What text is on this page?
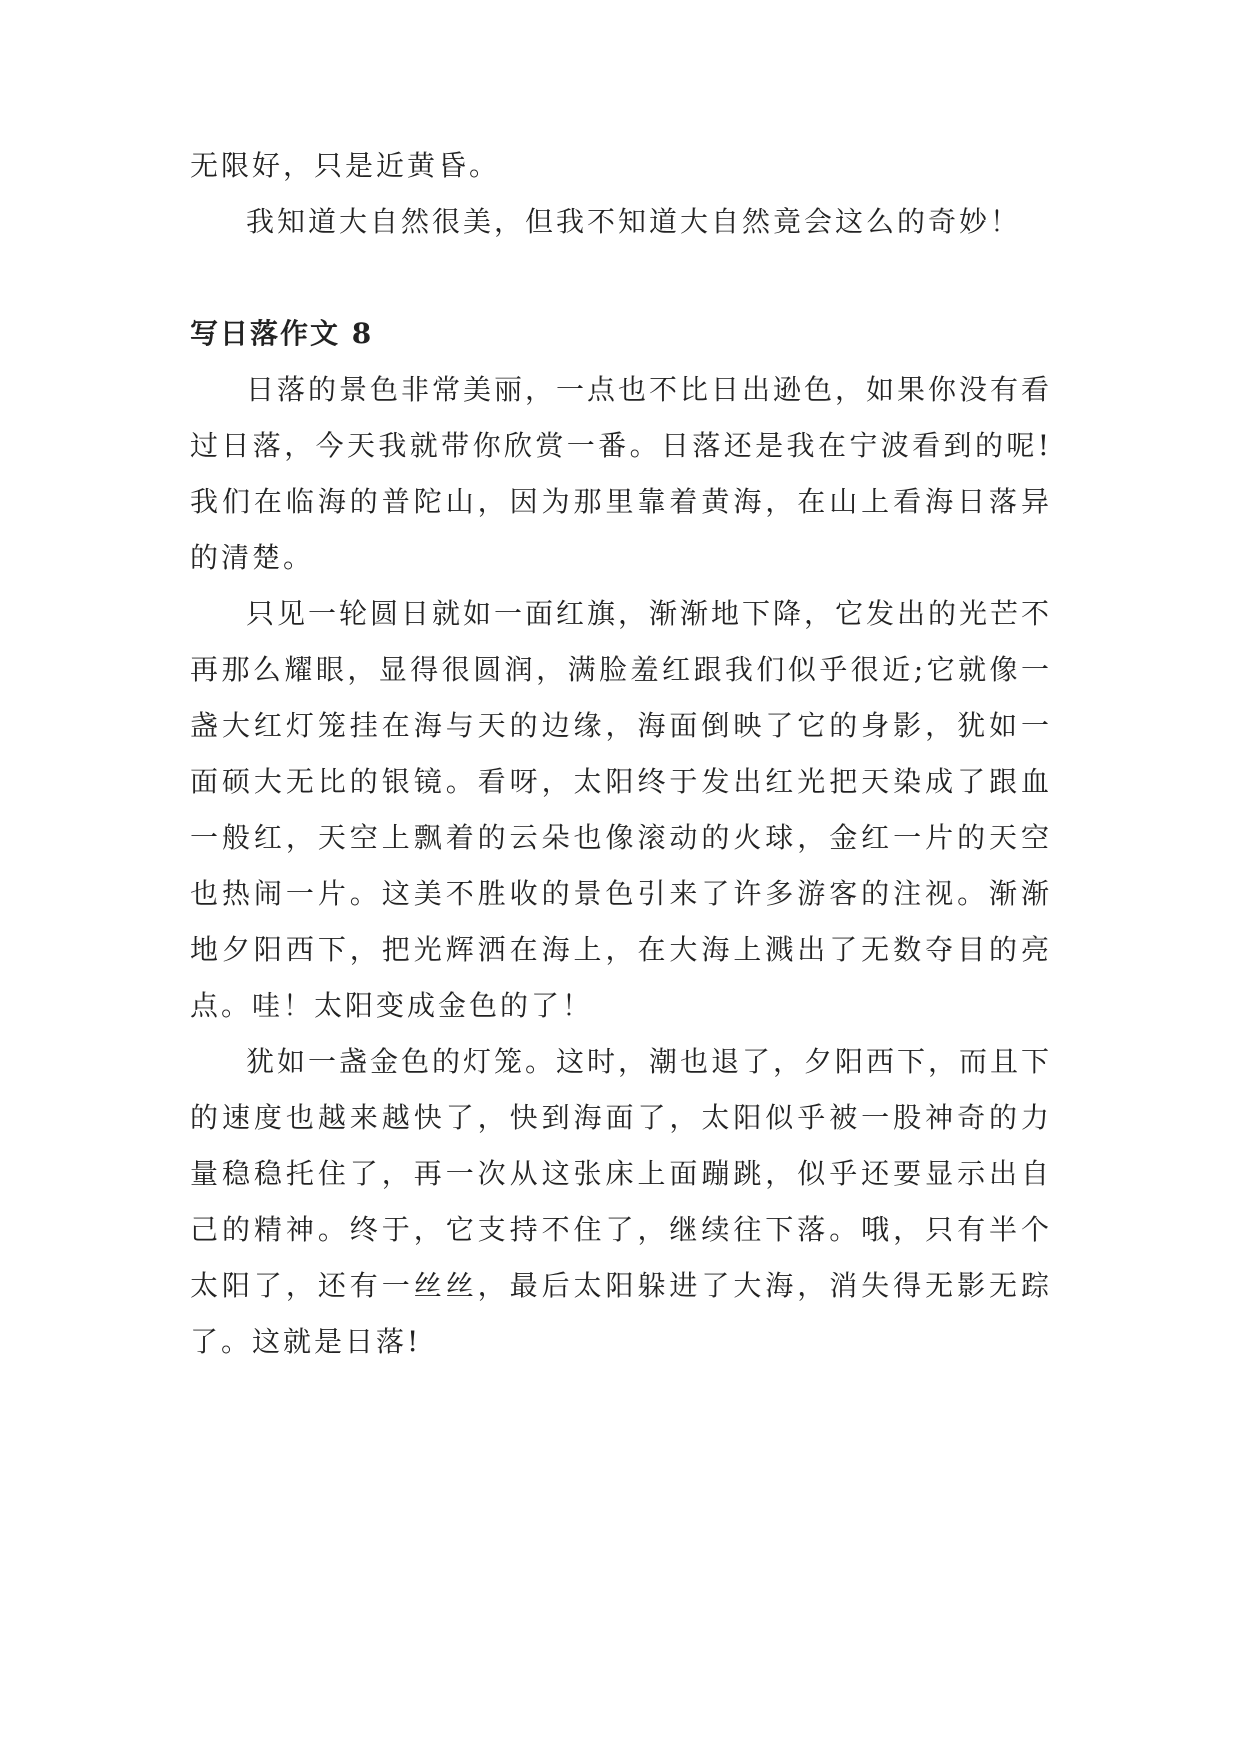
无限好，只是近黄昏。

我知道大自然很美，但我不知道大自然竟会这么的奇妙！

写日落作文 8

日落的景色非常美丽，一点也不比日出逊色，如果你没有看过日落，今天我就带你欣赏一番。日落还是我在宁波看到的呢!我们在临海的普陀山，因为那里靠着黄海，在山上看海日落异的清楚。

只见一轮圆日就如一面红旗，渐渐地下降，它发出的光芒不再那么耀眼，显得很圆润，满脸羞红跟我们似乎很近;它就像一盏大红灯笼挂在海与天的边缘，海面倒映了它的身影，犹如一面硕大无比的银镜。看呀，太阳终于发出红光把天染成了跟血一般红，天空上飘着的云朵也像滚动的火球，金红一片的天空也热闹一片。这美不胜收的景色引来了许多游客的注视。渐渐地夕阳西下，把光辉洒在海上，在大海上溅出了无数夺目的亮点。哇！太阳变成金色的了！

犹如一盏金色的灯笼。这时，潮也退了，夕阳西下，而且下的速度也越来越快了，快到海面了，太阳似乎被一股神奇的力量稳稳托住了，再一次从这张床上面蹦跳，似乎还要显示出自己的精神。终于，它支持不住了，继续往下落。哦，只有半个太阳了，还有一丝丝，最后太阳躲进了大海，消失得无影无踪了。这就是日落!
